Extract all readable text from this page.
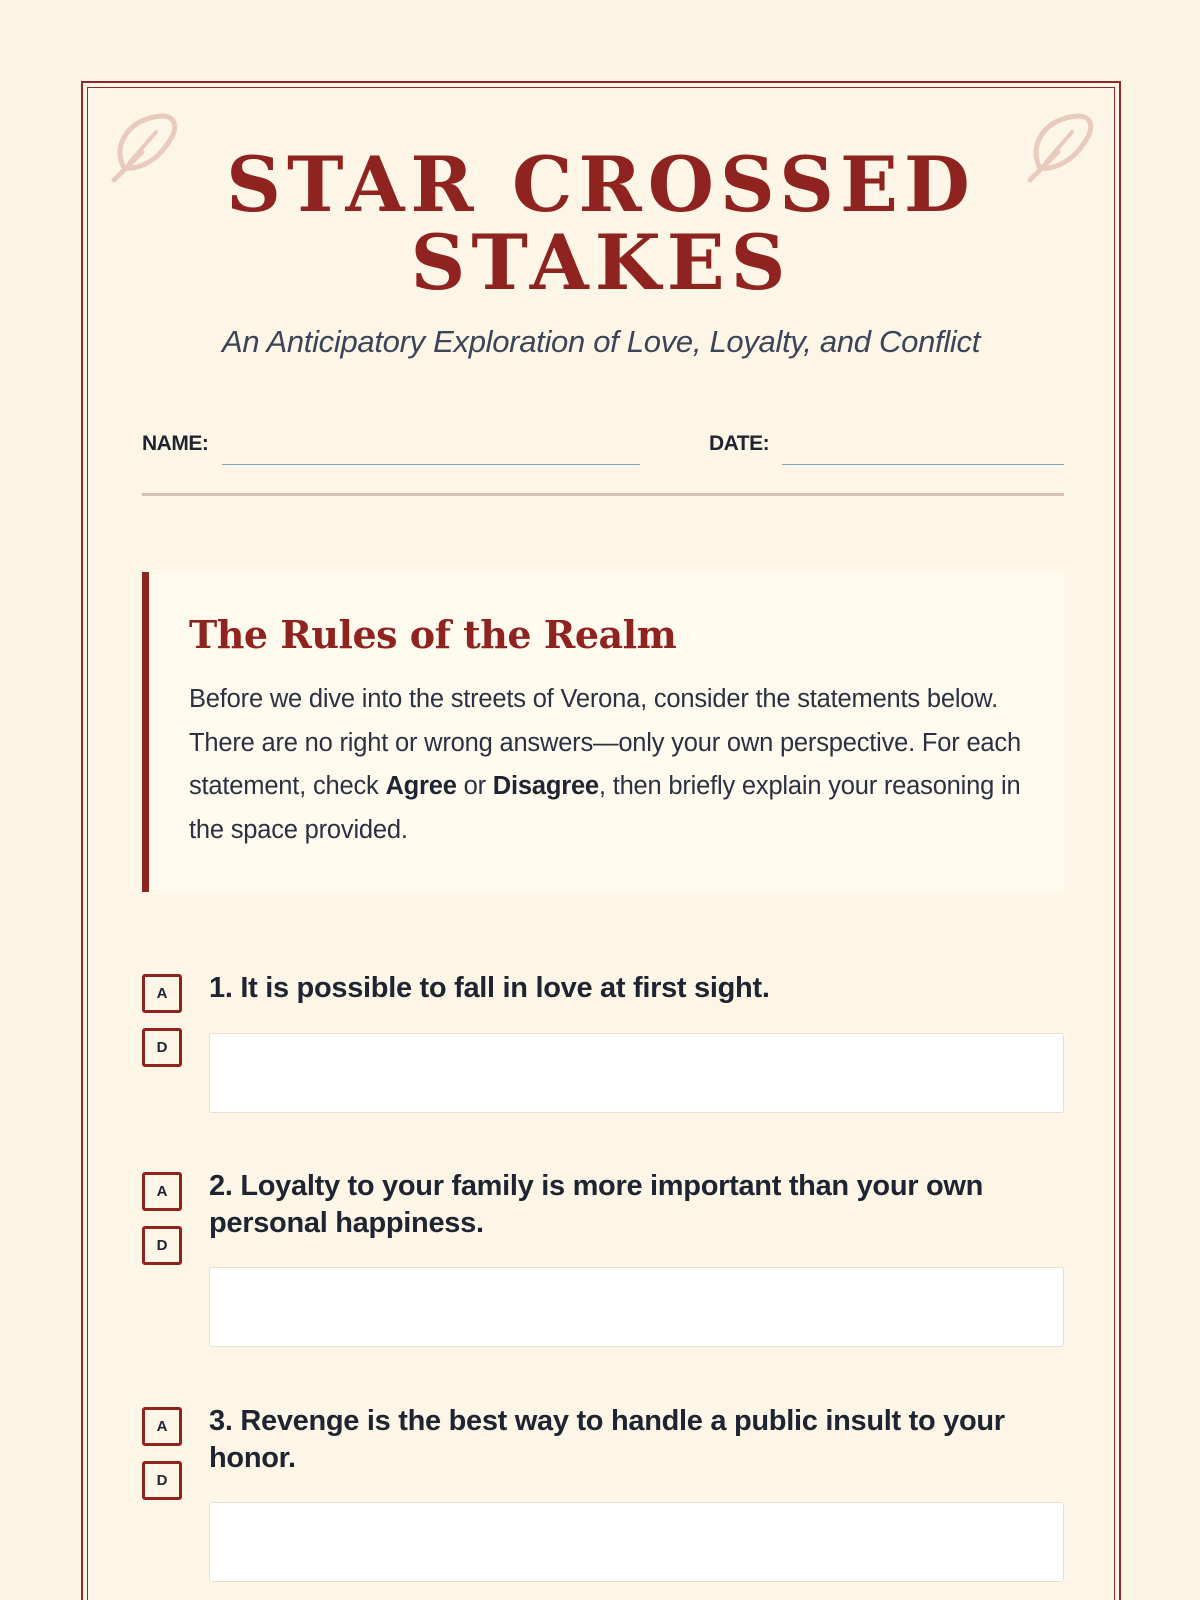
STAR CROSSED
STAKES
An Anticipatory Exploration of Love, Loyalty, and Conflict
NAME:	DATE:
The Rules of the Realm
Before we dive into the streets of Verona, consider the statements below. There are no right or wrong answers—only your own perspective. For each statement, check Agree or Disagree, then briefly explain your reasoning in the space provided.
A
D
1. It is possible to fall in love at first sight.
A
D
2. Loyalty to your family is more important than your own personal happiness.
A
D
3. Revenge is the best way to handle a public insult to your honor.
